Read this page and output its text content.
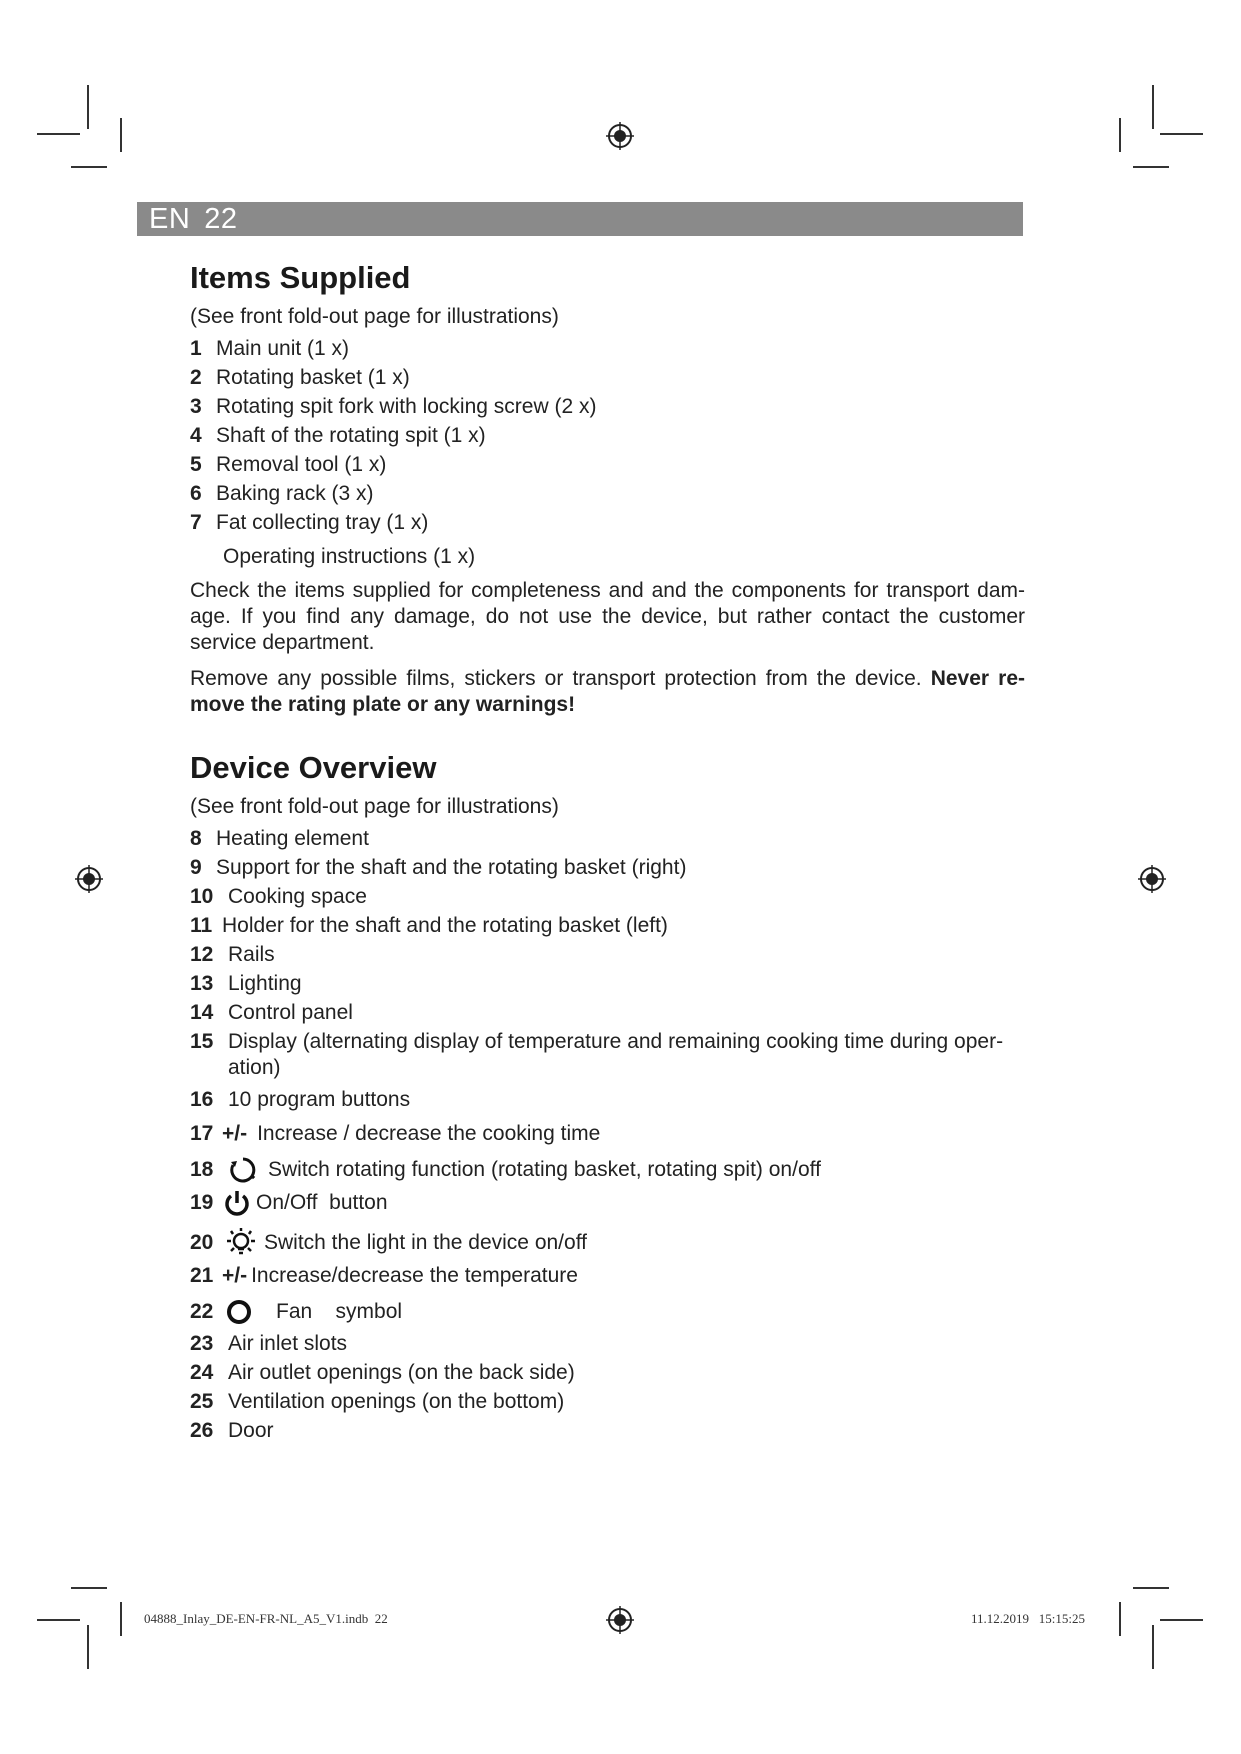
EN 22
Items Supplied

(See front fold-out page for illustrations)

1 Main unit (1 x)
2 Rotating basket (1 x)
3 Rotating spit fork with locking screw (2 x)
4 Shaft of the rotating spit (1 x)
5 Removal tool (1 x)
6 Baking rack (3 x)
7 Fat collecting tray (1 x)

Operating instructions (1 x)

Check the items supplied for completeness and and the components for transport dam-age. If you find any damage, do not use the device, but rather contact the customer service department.

Remove any possible films, stickers or transport protection from the device. Never re-move the rating plate or any warnings!

Device Overview

(See front fold-out page for illustrations)

8 Heating element
9 Support for the shaft and the rotating basket (right)
10 Cooking space
11 Holder for the shaft and the rotating basket (left)
12 Rails
13 Lighting
14 Control panel
15 Display (alternating display of temperature and remaining cooking time during oper-ation)
16 10 program buttons
17 +/- Increase / decrease the cooking time
18	Switch rotating function (rotating basket, rotating spit) on/off
19	On/Off  button
20	Switch the light in the device on/off
21 +/- Increase/decrease the temperature
22	Fan    symbol
23 Air inlet slots
24 Air outlet openings (on the back side)
25 Ventilation openings (on the bottom)
26 Door
04888_Inlay_DE-EN-FR-NL_A5_V1.indb  22	11.12.2019   15:15:25
